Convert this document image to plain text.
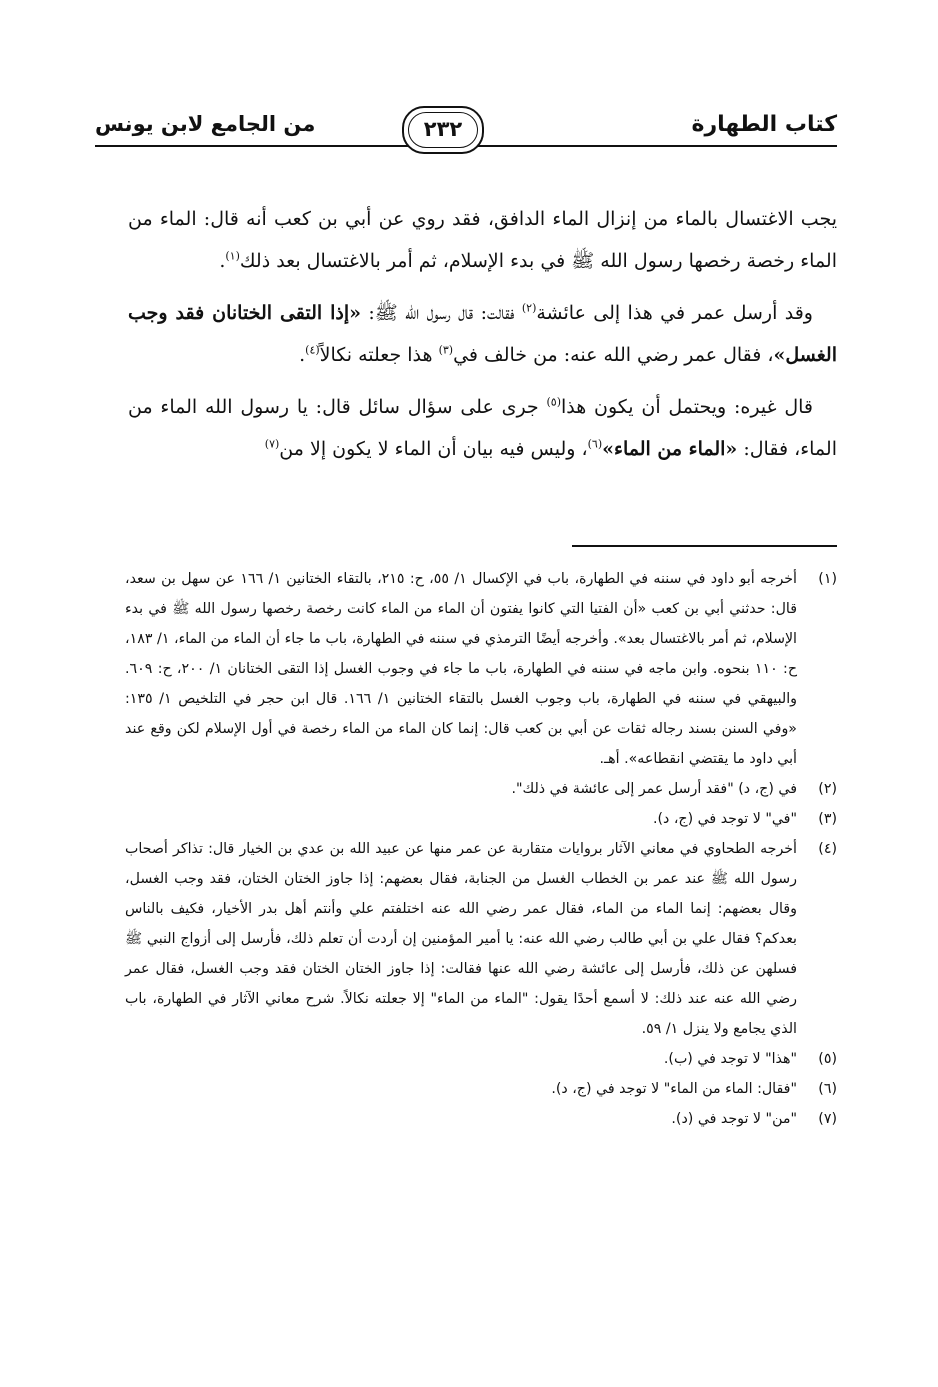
كتاب الطهارة
٢٣٢
من الجامع لابن يونس

يجب الاغتسال بالماء من إنزال الماء الدافق، فقد روي عن أبي بن كعب أنه قال: الماء من الماء رخصة رخصها رسول الله ﷺ في بدء الإسلام، ثم أمر بالاغتسال بعد ذلك$^{(١)}$.

وقد أرسل عمر في هذا إلى عائشة$^{(٢)}$ فقالت: قال رسول الله ﷺ: «إذا التقى الختانان فقد وجب الغسل»، فقال عمر رضي الله عنه: من خالف في$^{(٣)}$ هذا جعلته نكالاً$^{(٤)}$.

قال غيره: ويحتمل أن يكون هذا$^{(٥)}$ جرى على سؤال سائل قال: يا رسول الله الماء من الماء، فقال: «الماء من الماء»$^{(٦)}$، وليس فيه بيان أن الماء لا يكون إلا من$^{(٧)}$

(١)
أخرجه أبو داود في سننه في الطهارة، باب في الإكسال ١/ ٥٥، ح: ٢١٥، بالتقاء الختانين ١/ ١٦٦ عن سهل بن سعد، قال: حدثني أبي بن كعب «أن الفتيا التي كانوا يفتون أن الماء من الماء كانت رخصة رخصها رسول الله ﷺ في بدء الإسلام، ثم أمر بالاغتسال بعد». وأخرجه أيضًا الترمذي في سننه في الطهارة، باب ما جاء أن الماء من الماء، ١/ ١٨٣، ح: ١١٠ بنحوه. وابن ماجه في سننه في الطهارة، باب ما جاء في وجوب الغسل إذا التقى الختانان ١/ ٢٠٠، ح: ٦٠٩. والبيهقي في سننه في الطهارة، باب وجوب الغسل بالتقاء الختانين ١/ ١٦٦. قال ابن حجر في التلخيص ١/ ١٣٥: «وفي السنن بسند رجاله ثقات عن أبي بن كعب قال: إنما كان الماء من الماء رخصة في أول الإسلام لكن وقع عند أبي داود ما يقتضي انقطاعه». أهـ.
(٢)
في (ج، د) "فقد أرسل عمر إلى عائشة في ذلك".
(٣)
"في" لا توجد في (ج، د).
(٤)
أخرجه الطحاوي في معاني الآثار بروايات متقاربة عن عمر منها عن عبيد الله بن عدي بن الخيار قال: تذاكر أصحاب رسول الله ﷺ عند عمر بن الخطاب الغسل من الجنابة، فقال بعضهم: إذا جاوز الختان الختان، فقد وجب الغسل، وقال بعضهم: إنما الماء من الماء، فقال عمر رضي الله عنه اختلفتم علي وأنتم أهل بدر الأخيار، فكيف بالناس بعدكم؟ فقال علي بن أبي طالب رضي الله عنه: يا أمير المؤمنين إن أردت أن تعلم ذلك، فأرسل إلى أزواج النبي ﷺ فسلهن عن ذلك، فأرسل إلى عائشة رضي الله عنها فقالت: إذا جاوز الختان الختان فقد وجب الغسل، فقال عمر رضي الله عنه عند ذلك: لا أسمع أحدًا يقول: "الماء من الماء" إلا جعلته نكالاً. شرح معاني الآثار في الطهارة، باب الذي يجامع ولا ينزل ١/ ٥٩.
(٥)
"هذا" لا توجد في (ب).
(٦)
"فقال: الماء من الماء" لا توجد في (ج، د).
(٧)
"من" لا توجد في (د).
